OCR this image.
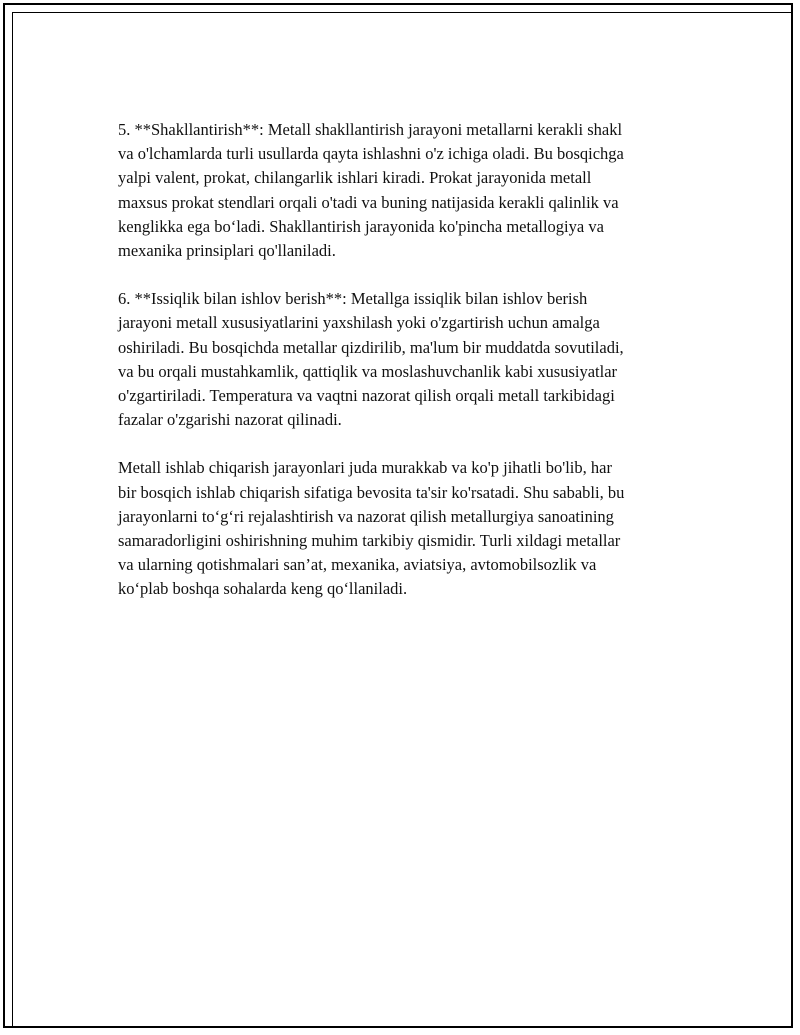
5. **Shakllantirish**: Metall shakllantirish jarayoni metallarni kerakli shakl
va o'lchamlarda turli usullarda qayta ishlashni o'z ichiga oladi. Bu bosqichga
yalpi valent, prokat, chilangarlik ishlari kiradi. Prokat jarayonida metall
maxsus prokat stendlari orqali o'tadi va buning natijasida kerakli qalinlik va
kenglikka ega bo‘ladi. Shakllantirish jarayonida ko'pincha metallogiya va
mexanika prinsiplari qo'llaniladi.

6. **Issiqlik bilan ishlov berish**: Metallga issiqlik bilan ishlov berish
jarayoni metall xususiyatlarini yaxshilash yoki o'zgartirish uchun amalga
oshiriladi. Bu bosqichda metallar qizdirilib, ma'lum bir muddatda sovutiladi,
va bu orqali mustahkamlik, qattiqlik va moslashuvchanlik kabi xususiyatlar
o'zgartiriladi. Temperatura va vaqtni nazorat qilish orqali metall tarkibidagi
fazalar o'zgarishi nazorat qilinadi.

Metall ishlab chiqarish jarayonlari juda murakkab va ko'p jihatli bo'lib, har
bir bosqich ishlab chiqarish sifatiga bevosita ta'sir ko'rsatadi. Shu sababli, bu
jarayonlarni to‘g‘ri rejalashtirish va nazorat qilish metallurgiya sanoatining
samaradorligini oshirishning muhim tarkibiy qismidir. Turli xildagi metallar
va ularning qotishmalari san’at, mexanika, aviatsiya, avtomobilsozlik va
ko‘plab boshqa sohalarda keng qo‘llaniladi.
